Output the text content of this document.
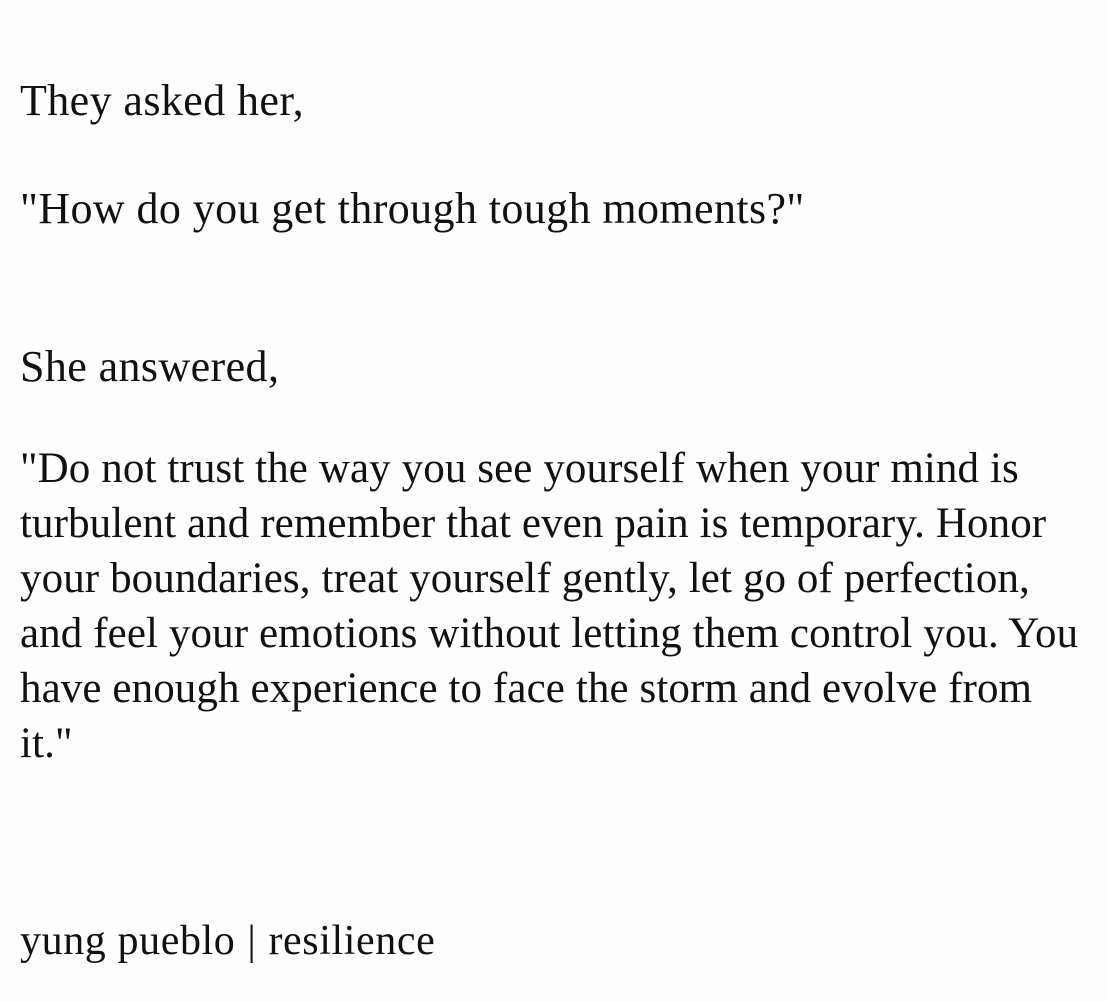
They asked her,

"How do you get through tough moments?"

She answered,

"Do not trust the way you see yourself when your mind is turbulent and remember that even pain is temporary. Honor your boundaries, treat yourself gently, let go of perfection, and feel your emotions without letting them control you. You have enough experience to face the storm and evolve from it."

yung pueblo | resilience
